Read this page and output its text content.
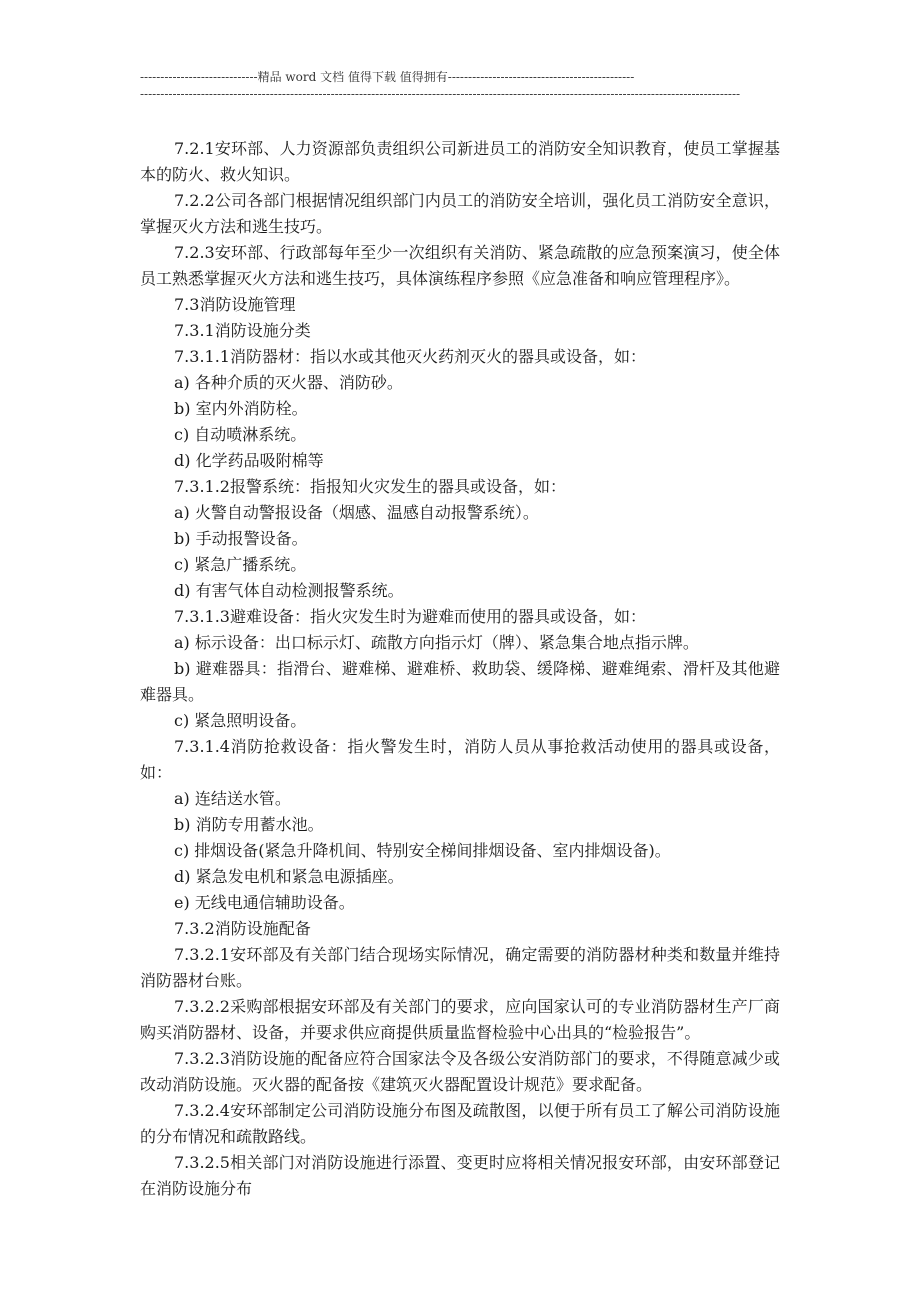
-----------------------------精品 word 文档 值得下载 值得拥有----------------------------------------------
----------------------------------------------------------------------------------------------------------------------------------------------------

7.2.1安环部、人力资源部负责组织公司新进员工的消防安全知识教育，使员工掌握基本的防火、救火知识。

7.2.2公司各部门根据情况组织部门内员工的消防安全培训，强化员工消防安全意识，掌握灭火方法和逃生技巧。

7.2.3安环部、行政部每年至少一次组织有关消防、紧急疏散的应急预案演习，使全体员工熟悉掌握灭火方法和逃生技巧，具体演练程序参照《应急准备和响应管理程序》。

7.3消防设施管理

7.3.1消防设施分类

7.3.1.1消防器材：指以水或其他灭火药剂灭火的器具或设备，如：

a) 各种介质的灭火器、消防砂。

b) 室内外消防栓。

c) 自动喷淋系统。

d) 化学药品吸附棉等

7.3.1.2报警系统：指报知火灾发生的器具或设备，如：

a) 火警自动警报设备（烟感、温感自动报警系统）。

b) 手动报警设备。

c) 紧急广播系统。

d) 有害气体自动检测报警系统。

7.3.1.3避难设备：指火灾发生时为避难而使用的器具或设备，如：

a) 标示设备：出口标示灯、疏散方向指示灯（牌）、紧急集合地点指示牌。

b) 避难器具：指滑台、避难梯、避难桥、救助袋、缓降梯、避难绳索、滑杆及其他避难器具。

c) 紧急照明设备。

7.3.1.4消防抢救设备：指火警发生时，消防人员从事抢救活动使用的器具或设备，如：

a) 连结送水管。

b) 消防专用蓄水池。

c) 排烟设备(紧急升降机间、特别安全梯间排烟设备、室内排烟设备)。

d) 紧急发电机和紧急电源插座。

e) 无线电通信辅助设备。

7.3.2消防设施配备

7.3.2.1安环部及有关部门结合现场实际情况，确定需要的消防器材种类和数量并维持消防器材台账。

7.3.2.2采购部根据安环部及有关部门的要求，应向国家认可的专业消防器材生产厂商购买消防器材、设备，并要求供应商提供质量监督检验中心出具的“检验报告”。

7.3.2.3消防设施的配备应符合国家法令及各级公安消防部门的要求，不得随意减少或改动消防设施。灭火器的配备按《建筑灭火器配置设计规范》要求配备。

7.3.2.4安环部制定公司消防设施分布图及疏散图，以便于所有员工了解公司消防设施的分布情况和疏散路线。

7.3.2.5相关部门对消防设施进行添置、变更时应将相关情况报安环部，由安环部登记在消防设施分布
